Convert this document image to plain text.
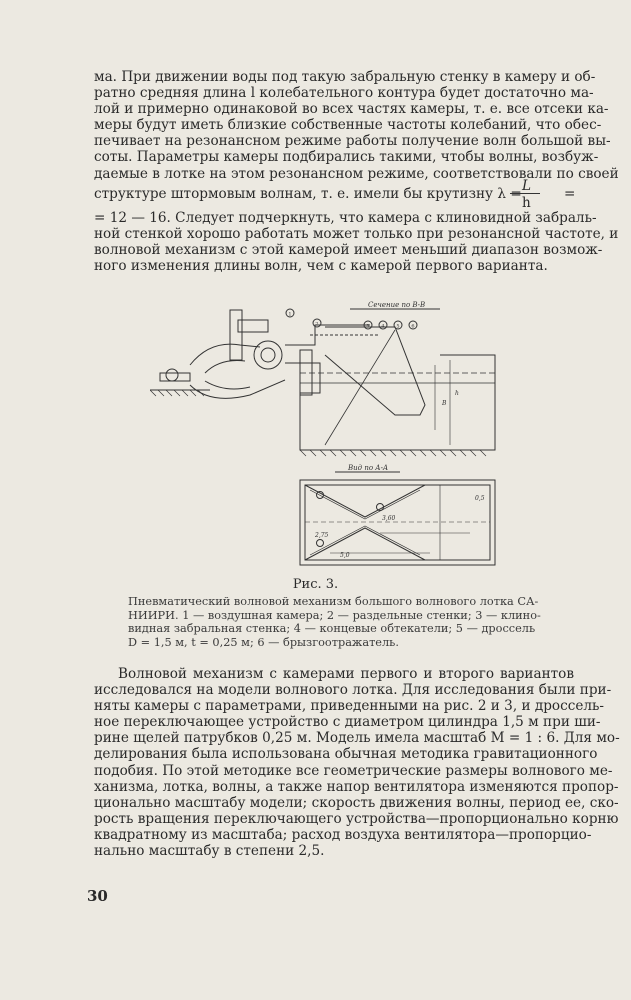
ма. При движении воды под такую забральную стенку в камеру и об-
ратно средняя длина l колебательного контура будет достаточно ма-
лой и примерно одинаковой во всех частях камеры, т. е. все отсеки ка-
меры будут иметь близкие собственные частоты колебаний, что обес-
печивает на резонансном режиме работы получение волн большой вы-
соты. Параметры камеры подбирались такими, чтобы волны, возбуж-
даемые в лотке на этом резонансном режиме, соответствовали по своей
структуре штормовым волнам, т. е. имели бы крутизну λ = L
h
=
= 12 — 16. Следует подчеркнуть, что камера с клиновидной забраль-
ной стенкой хорошо работать может только при резонансной частоте, и
волновой механизм с этой камерой имеет меньший диапазон возмож-
ного изменения длины волн, чем с камерой первого варианта.
Сечение по В-В
Вид по А-А
1
2	3 4 5 6
h
B
3,60
5,0
2,75
0,5
Рис. 3.
Пневматический волновой механизм большого волнового лотка СА-
НИИРИ. 1 — воздушная камера; 2 — раздельные стенки; 3 — клино-
видная забральная стенка; 4 — концевые обтекатели; 5 — дроссель
D = 1,5 м, t = 0,25 м; 6 — брызгоотражатель.
Волновой механизм с камерами первого и второго вариантов
исследовался на модели волнового лотка. Для исследования были при-
няты камеры с параметрами, приведенными на рис. 2 и 3, и дроссель-
ное переключающее устройство с диаметром цилиндра 1,5 м при ши-
рине щелей патрубков 0,25 м. Модель имела масштаб M = 1 : 6. Для мо-
делирования была использована обычная методика гравитационного
подобия. По этой методике все геометрические размеры волнового ме-
ханизма, лотка, волны, а также напор вентилятора изменяются пропор-
ционально масштабу модели; скорость движения волны, период ее, ско-
рость вращения переключающего устройства—пропорционально корню
квадратному из масштаба; расход воздуха вентилятора—пропорцио-
нально масштабу в степени 2,5.
30
